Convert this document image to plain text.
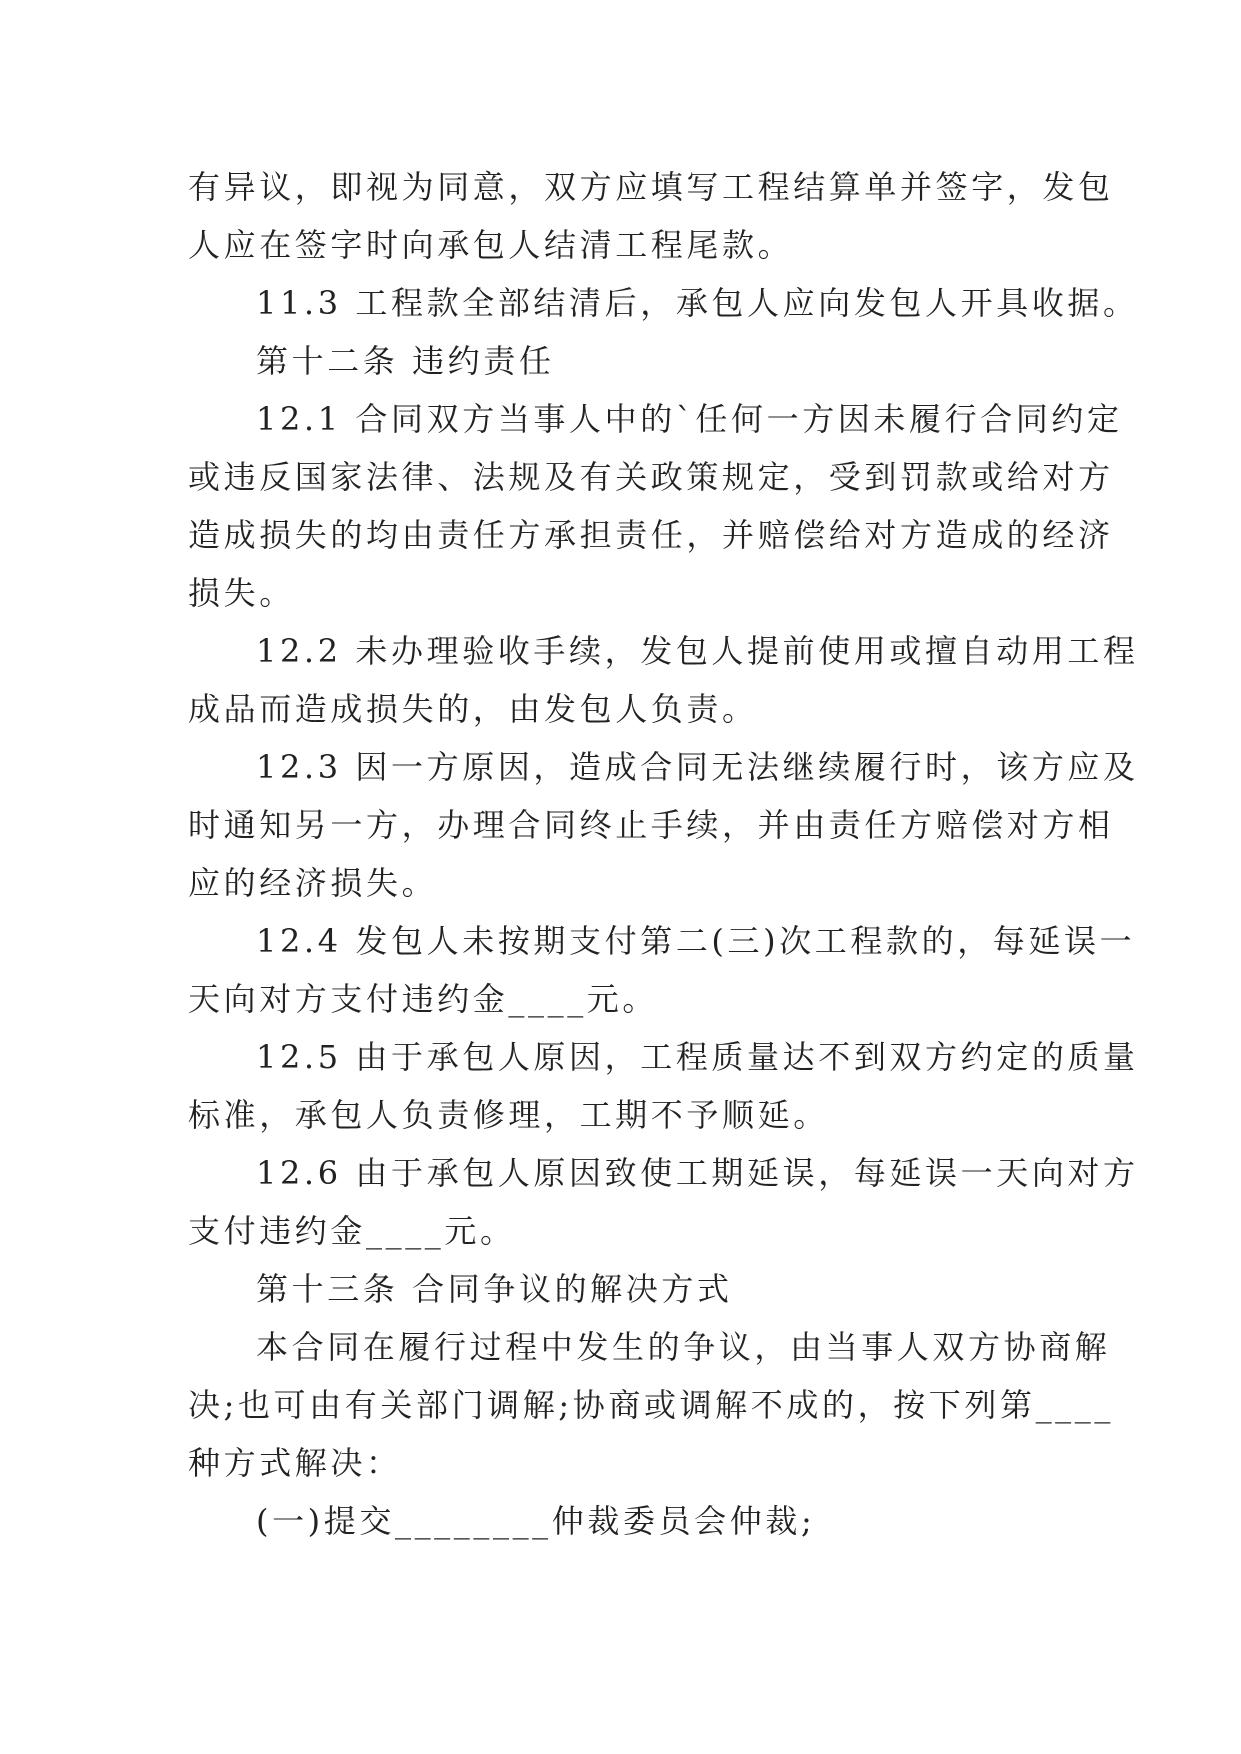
有异议，即视为同意，双方应填写工程结算单并签字，发包

人应在签字时向承包人结清工程尾款。

11.3 工程款全部结清后，承包人应向发包人开具收据。

第十二条 违约责任

12.1 合同双方当事人中的`任何一方因未履行合同约定

或违反国家法律、法规及有关政策规定，受到罚款或给对方

造成损失的均由责任方承担责任，并赔偿给对方造成的经济

损失。

12.2 未办理验收手续，发包人提前使用或擅自动用工程

成品而造成损失的，由发包人负责。

12.3 因一方原因，造成合同无法继续履行时，该方应及

时通知另一方，办理合同终止手续，并由责任方赔偿对方相

应的经济损失。

12.4 发包人未按期支付第二(三)次工程款的，每延误一

天向对方支付违约金____元。

12.5 由于承包人原因，工程质量达不到双方约定的质量

标准，承包人负责修理，工期不予顺延。

12.6 由于承包人原因致使工期延误，每延误一天向对方

支付违约金____元。

第十三条 合同争议的解决方式

本合同在履行过程中发生的争议，由当事人双方协商解

决;也可由有关部门调解;协商或调解不成的，按下列第____

种方式解决：

(一)提交________仲裁委员会仲裁;
